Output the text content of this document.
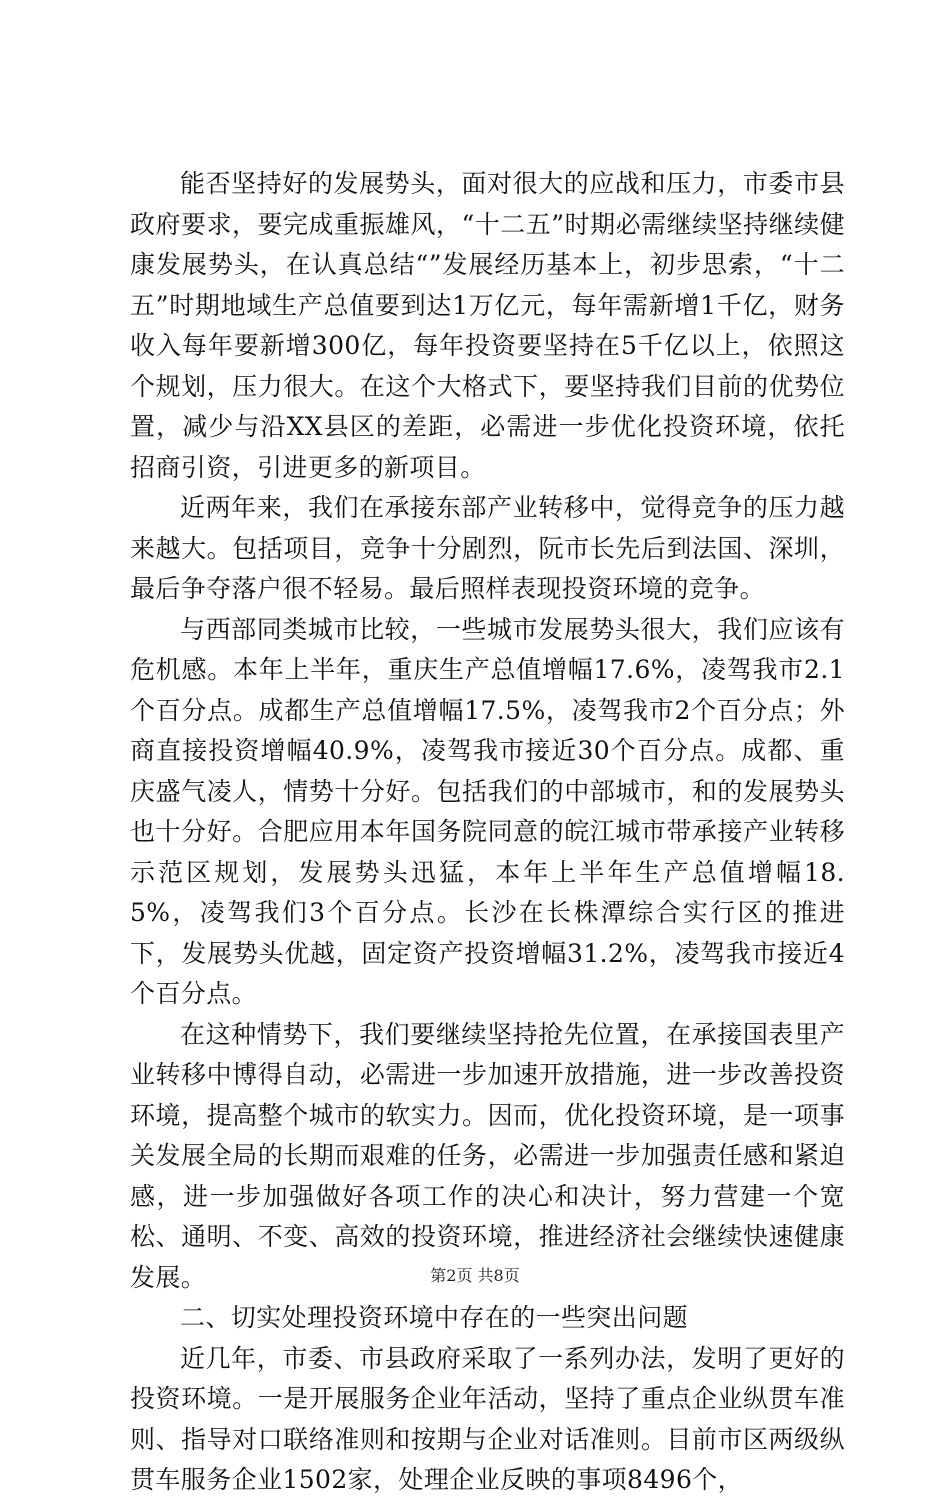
能否坚持好的发展势头，面对很大的应战和压力，市委市县政府要求，要完成重振雄风，“十二五”时期必需继续坚持继续健康发展势头，在认真总结“”发展经历基本上，初步思索，“十二五”时期地域生产总值要到达1万亿元，每年需新增1千亿，财务收入每年要新增300亿，每年投资要坚持在5千亿以上，依照这个规划，压力很大。在这个大格式下，要坚持我们目前的优势位置，减少与沿XX县区的差距，必需进一步优化投资环境，依托招商引资，引进更多的新项目。

近两年来，我们在承接东部产业转移中，觉得竞争的压力越来越大。包括项目，竞争十分剧烈，阮市长先后到法国、深圳，最后争夺落户很不轻易。最后照样表现投资环境的竞争。

与西部同类城市比较，一些城市发展势头很大，我们应该有危机感。本年上半年，重庆生产总值增幅17.6%，凌驾我市2.1个百分点。成都生产总值增幅17.5%，凌驾我市2个百分点；外商直接投资增幅40.9%，凌驾我市接近30个百分点。成都、重庆盛气凌人，情势十分好。包括我们的中部城市，和的发展势头也十分好。合肥应用本年国务院同意的皖江城市带承接产业转移示范区规划，发展势头迅猛，本年上半年生产总值增幅18.5%，凌驾我们3个百分点。长沙在长株潭综合实行区的推进下，发展势头优越，固定资产投资增幅31.2%，凌驾我市接近4个百分点。

在这种情势下，我们要继续坚持抢先位置，在承接国表里产业转移中博得自动，必需进一步加速开放措施，进一步改善投资环境，提高整个城市的软实力。因而，优化投资环境，是一项事关发展全局的长期而艰难的任务，必需进一步加强责任感和紧迫感，进一步加强做好各项工作的决心和决计，努力营建一个宽松、通明、不变、高效的投资环境，推进经济社会继续快速健康发展。

二、切实处理投资环境中存在的一些突出问题

近几年，市委、市县政府采取了一系列办法，发明了更好的投资环境。一是开展服务企业年活动，坚持了重点企业纵贯车准则、指导对口联络准则和按期与企业对话准则。目前市区两级纵贯车服务企业1502家，处理企业反映的事项8496个，

第2页 共8页
